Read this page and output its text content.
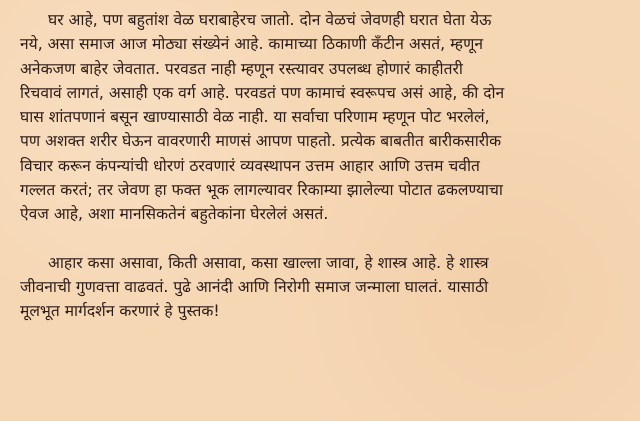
घर आहे, पण बहुतांश वेळ घराबाहेरच जातो. दोन वेळचं जेवणही घरात घेता येऊ
नये, असा समाज आज मोठ्या संख्येनं आहे. कामाच्या ठिकाणी कँटीन असतं, म्हणून
अनेकजण बाहेर जेवतात. परवडत नाही म्हणून रस्त्यावर उपलब्ध होणारं काहीतरी
रिचवावं लागतं, असाही एक वर्ग आहे. परवडतं पण कामाचं स्वरूपच असं आहे, की दोन
घास शांतपणानं बसून खाण्यासाठी वेळ नाही. या सर्वाचा परिणाम म्हणून पोट भरलेलं,
पण अशक्त शरीर घेऊन वावरणारी माणसं आपण पाहतो. प्रत्येक बाबतीत बारीकसारीक
विचार करून कंपन्यांची धोरणं ठरवणारं व्यवस्थापन उत्तम आहार आणि उत्तम चवीत
गल्लत करतं; तर जेवण हा फक्त भूक लागल्यावर रिकाम्या झालेल्या पोटात ढकलण्याचा
ऐवज आहे, अशा मानसिकतेनं बहुतेकांना घेरलेलं असतं.
आहार कसा असावा, किती असावा, कसा खाल्ला जावा, हे शास्त्र आहे. हे शास्त्र
जीवनाची गुणवत्ता वाढवतं. पुढे आनंदी आणि निरोगी समाज जन्माला घालतं. यासाठी
मूलभूत मार्गदर्शन करणारं हे पुस्तक!
